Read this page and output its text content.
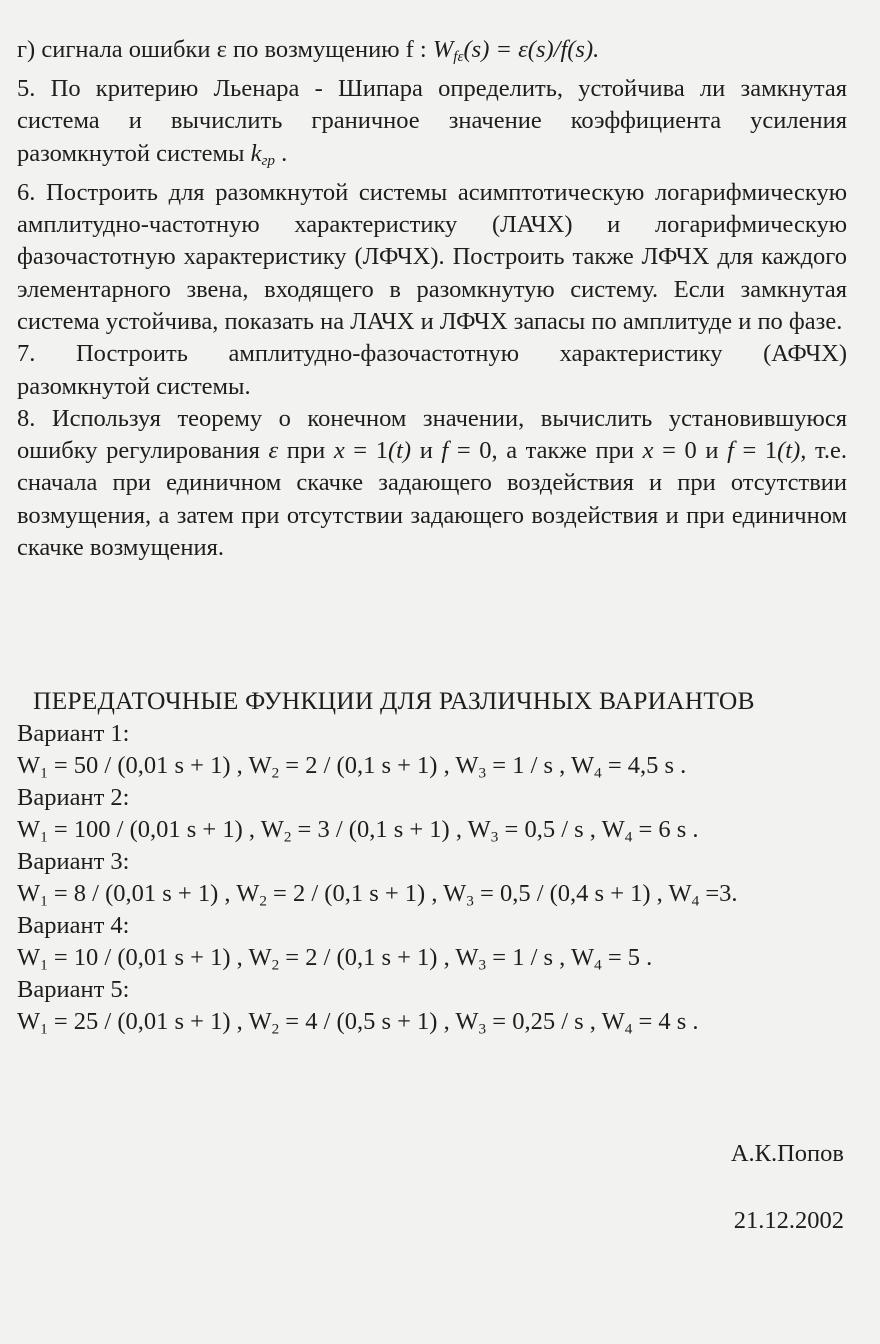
г) сигнала ошибки ε по возмущению f : $W_{f\varepsilon}(s) = \varepsilon(s)/f(s)$.

5. По критерию Льенара - Шипара определить, устойчива ли замкнутая система и вычислить граничное значение коэффициента усиления разомкнутой системы $k_{гр}$ .

6. Построить для разомкнутой системы асимптотическую логарифмическую амплитудно-частотную характеристику (ЛАЧХ) и логарифмическую фазочастотную характеристику (ЛФЧХ). Построить также ЛФЧХ для каждого элементарного звена, входящего в разомкнутую систему. Если замкнутая система устойчива, показать на ЛАЧХ и ЛФЧХ запасы по амплитуде и по фазе.

7. Построить амплитудно-фазочастотную характеристику (АФЧХ) разомкнутой системы.

8. Используя теорему о конечном значении, вычислить установившуюся ошибку регулирования ε при x = 1(t) и f = 0, а также при x = 0 и f = 1(t), т.е. сначала при единичном скачке задающего воздействия и при отсутствии возмущения, а затем при отсутствии задающего воздействия и при единичном скачке возмущения.

ПЕРЕДАТОЧНЫЕ ФУНКЦИИ ДЛЯ РАЗЛИЧНЫХ ВАРИАНТОВ

Вариант 1:
$W_1 = 50 / (0,01$ s + 1) , $W_2 = 2 / (0,1$ s + 1) , $W_3 = 1 / s$ , $W_4 = 4,5$ s .
Вариант 2:
$W_1 = 100 / (0,01$ s + 1) , $W_2 = 3 / (0,1$ s + 1) , $W_3 = 0,5 / s$ , $W_4 = 6$ s .
Вариант 3:
$W_1 = 8 / (0,01$ s + 1) , $W_2 = 2 / (0,1$ s + 1) , $W_3 = 0,5 / (0,4$ s + 1) , $W_4 =3$.
Вариант 4:
$W_1 = 10 / (0,01$ s + 1) , $W_2 = 2 / (0,1$ s + 1) , $W_3 = 1 / s$ , $W_4 = 5$ .
Вариант 5:
$W_1 = 25 / (0,01$ s + 1) , $W_2 = 4 / (0,5$ s + 1) , $W_3 = 0,25 / s$ , $W_4 = 4$ s .

А.К.Попов

21.12.2002
